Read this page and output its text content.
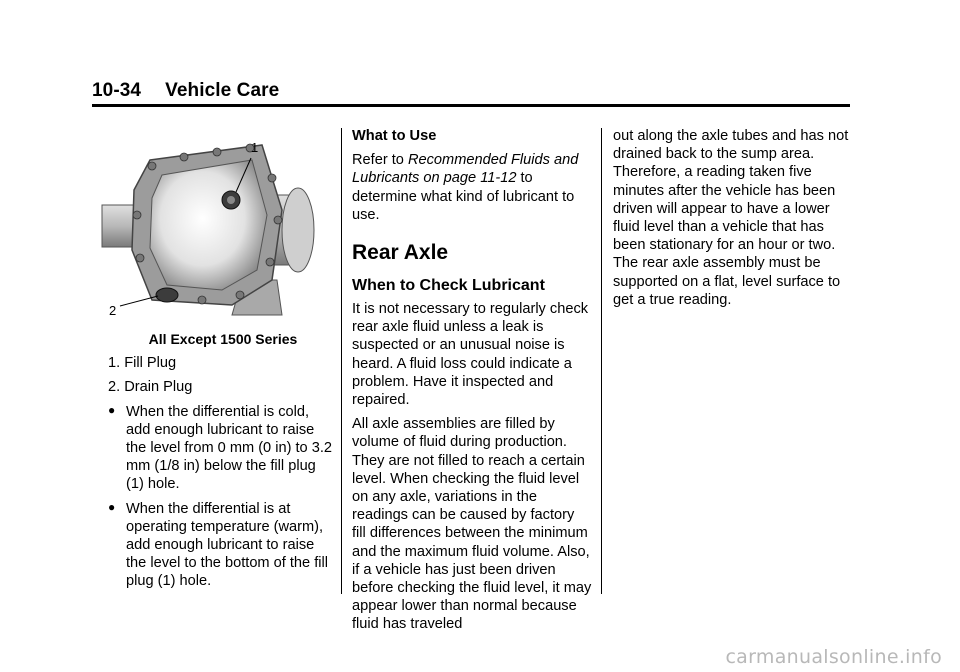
10-34 Vehicle Care
1
2
All Except 1500 Series

1. Fill Plug

2. Drain Plug

● When the differential is cold, add enough lubricant to raise the level from 0 mm (0 in) to 3.2 mm (1/8 in) below the fill plug (1) hole.
● When the differential is at operating temperature (warm), add enough lubricant to raise the level to the bottom of the fill plug (1) hole.

What to Use

Refer to Recommended Fluids and Lubricants on page 11-12 to determine what kind of lubricant to use.

Rear Axle
When to Check Lubricant

It is not necessary to regularly check rear axle fluid unless a leak is suspected or an unusual noise is heard. A fluid loss could indicate a problem. Have it inspected and repaired.

All axle assemblies are filled by volume of fluid during production. They are not filled to reach a certain level. When checking the fluid level on any axle, variations in the readings can be caused by factory fill differences between the minimum and the maximum fluid volume. Also, if a vehicle has just been driven before checking the fluid level, it may appear lower than normal because fluid has traveled

out along the axle tubes and has not drained back to the sump area. Therefore, a reading taken five minutes after the vehicle has been driven will appear to have a lower fluid level than a vehicle that has been stationary for an hour or two. The rear axle assembly must be supported on a flat, level surface to get a true reading.

carmanualsonline.info
